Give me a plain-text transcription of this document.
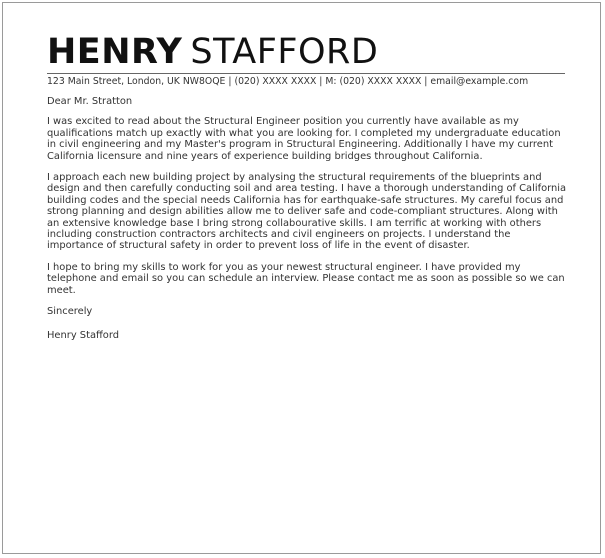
HENRY STAFFORD
123 Main Street, London, UK NW8OQE | (020) XXXX XXXX | M: (020) XXXX XXXX | email@example.com

Dear Mr. Stratton

I was excited to read about the Structural Engineer position you currently have available as my qualifications match up exactly with what you are looking for. I completed my undergraduate education in civil engineering and my Master's program in Structural Engineering. Additionally I have my current California licensure and nine years of experience building bridges throughout California.

I approach each new building project by analysing the structural requirements of the blueprints and design and then carefully conducting soil and area testing. I have a thorough understanding of California building codes and the special needs California has for earthquake-safe structures. My careful focus and strong planning and design abilities allow me to deliver safe and code-compliant structures. Along with an extensive knowledge base I bring strong collabourative skills. I am terrific at working with others including construction contractors architects and civil engineers on projects. I understand the importance of structural safety in order to prevent loss of life in the event of disaster.

I hope to bring my skills to work for you as your newest structural engineer. I have provided my telephone and email so you can schedule an interview. Please contact me as soon as possible so we can meet.

Sincerely

Henry Stafford
